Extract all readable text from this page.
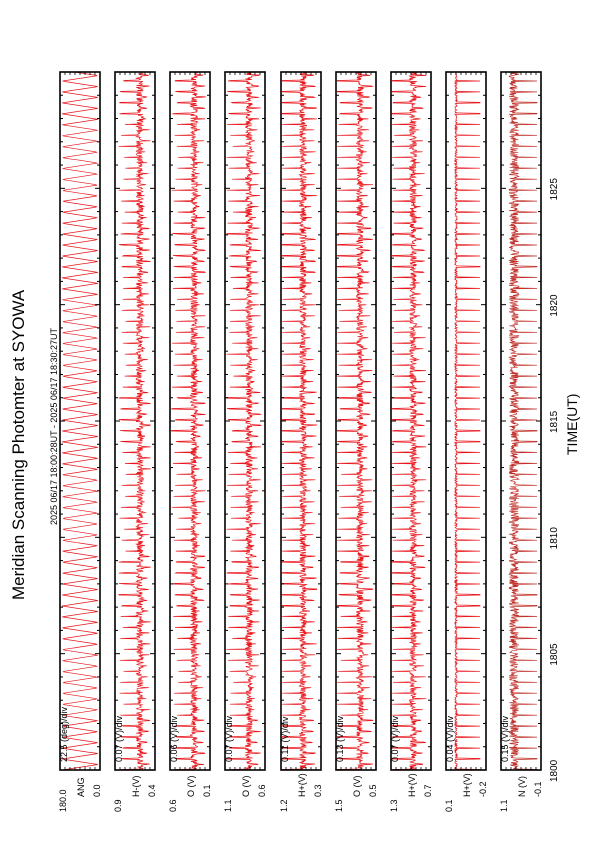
Meridian Scanning Photomter at SYOWA 2025 06/17 18:00:28UT - 2025 06/17 18:30:27UT	TIME(UT)
1800
1805
1810
1815
1820
1825
22.5 (deg)/div
180.0
ANG 0.0
0.07 (V)/div
0.9
H-(V) 0.4
0.06 (V)/div
0.6
O (V) 0.1
0.07 (V)/div
1.1
O (V) 0.6
0.11 (V)/div
1.2
H+(V) 0.3
0.13 (V)/div
1.5
O (V) 0.5
0.07 (V)/div
1.3
H+(V) 0.7
0.04 (V)/div
0.1
H+(V) -0.2
0.15 (V)/div
1.1
N (V) -0.1
